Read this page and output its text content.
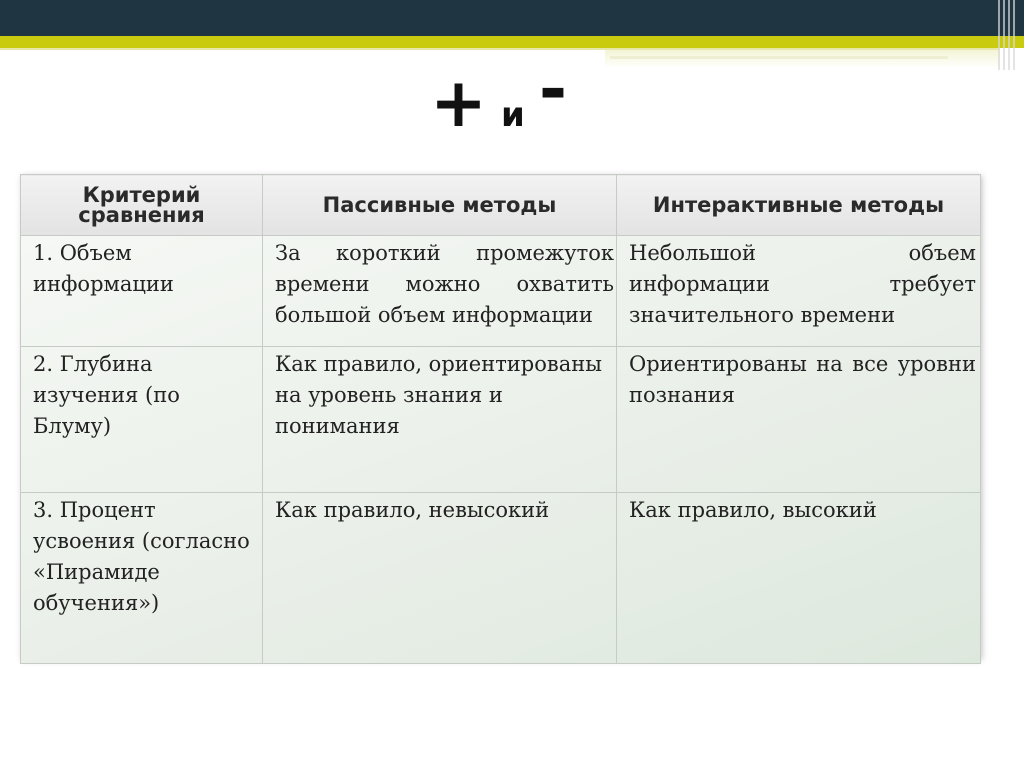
+ и -
Критерий сравнения	Пассивные методы	Интерактивные методы
1. Объем информации	За короткий промежуток времени можно охватить большой объем информации	Небольшой объем информации требует значительного времени
2. Глубина изучения (по Блуму)	Как правило, ориентированы на уровень знания и понимания	Ориентированы на все уровни познания
3. Процент усвоения (согласно «Пирамиде обучения»)	Как правило, невысокий	Как правило, высокий
